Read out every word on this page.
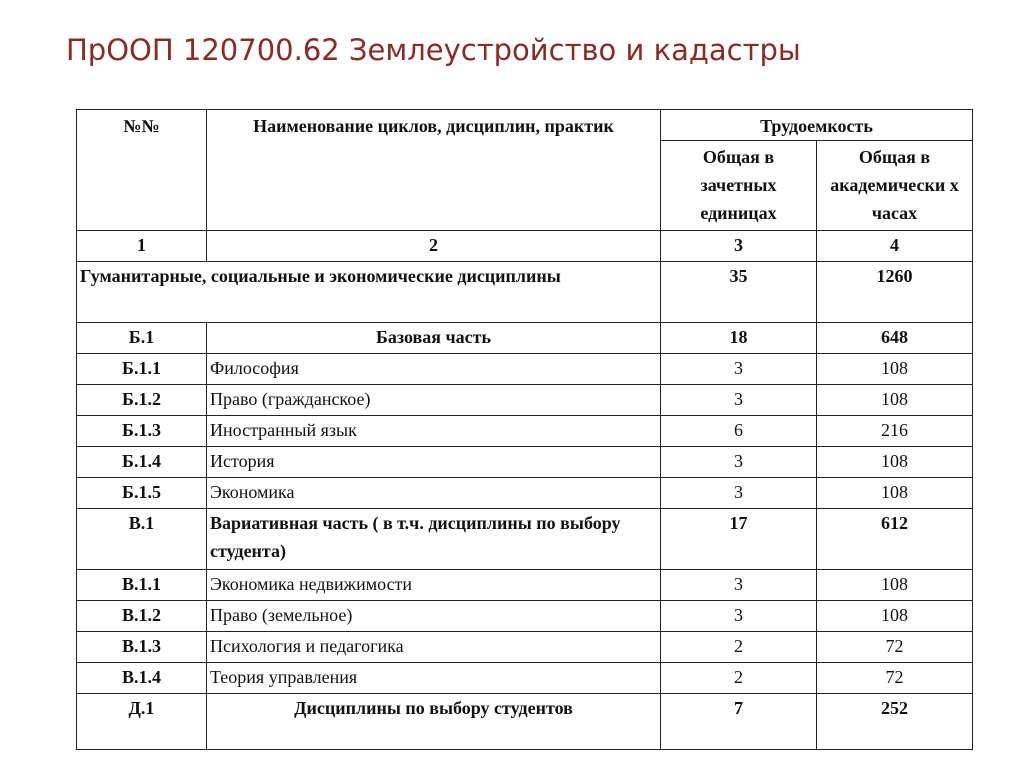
ПрООП 120700.62 Землеустройство и кадастры
№№	Наименование циклов, дисциплин, практик	Трудоемкость	
		Общая в зачетных единицах	Общая в академически х часах
1	2	3	4
Гуманитарные, социальные и экономические дисциплины		35	1260
Б.1	Базовая часть	18	648
Б.1.1	Философия	3	108
Б.1.2	Право (гражданское)	3	108
Б.1.3	Иностранный язык	6	216
Б.1.4	История	3	108
Б.1.5	Экономика	3	108
В.1	Вариативная часть ( в т.ч. дисциплины по выбору студента)	17	612
В.1.1	Экономика недвижимости	3	108
В.1.2	Право (земельное)	3	108
В.1.3	Психология и педагогика	2	72
В.1.4	Теория управления	2	72
Д.1	Дисциплины по выбору студентов	7	252
